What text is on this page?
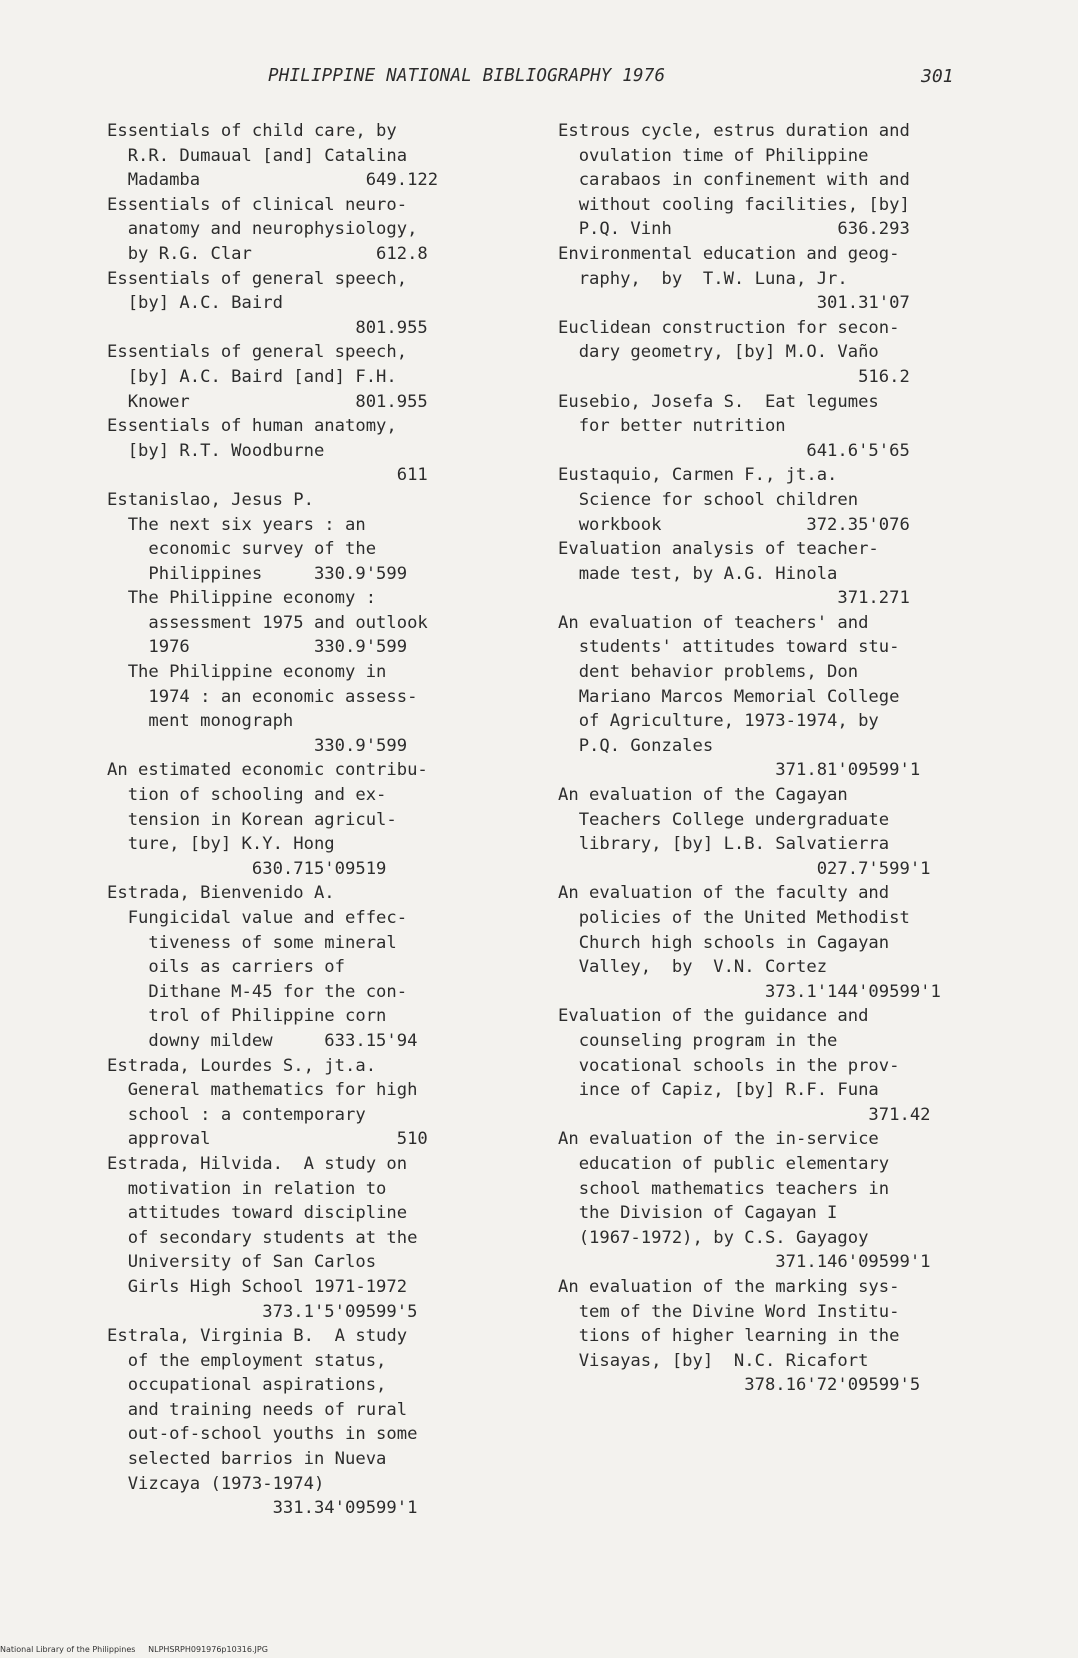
PHILIPPINE NATIONAL BIBLIOGRAPHY 1976	301
Essentials of child care, by
R.R. Dumaual [and] Catalina
Madamba                649.122
Essentials of clinical neuro-
anatomy and neurophysiology,
by R.G. Clar            612.8
Essentials of general speech,
[by] A.C. Baird
801.955
Essentials of general speech,
[by] A.C. Baird [and] F.H.
Knower                801.955
Essentials of human anatomy,
[by] R.T. Woodburne
611
Estanislao, Jesus P.
The next six years : an
economic survey of the
Philippines     330.9'599
The Philippine economy :
assessment 1975 and outlook
1976            330.9'599
The Philippine economy in
1974 : an economic assess-
ment monograph
330.9'599
An estimated economic contribu-
tion of schooling and ex-
tension in Korean agricul-
ture, [by] K.Y. Hong
630.715'09519
Estrada, Bienvenido A.
Fungicidal value and effec-
tiveness of some mineral
oils as carriers of
Dithane M-45 for the con-
trol of Philippine corn
downy mildew     633.15'94
Estrada, Lourdes S., jt.a.
General mathematics for high
school : a contemporary
approval                  510
Estrada, Hilvida.  A study on
motivation in relation to
attitudes toward discipline
of secondary students at the
University of San Carlos
Girls High School 1971-1972
373.1'5'09599'5
Estrala, Virginia B.  A study
of the employment status,
occupational aspirations,
and training needs of rural
out-of-school youths in some
selected barrios in Nueva
Vizcaya (1973-1974)
331.34'09599'1
Estrous cycle, estrus duration and
ovulation time of Philippine
carabaos in confinement with and
without cooling facilities, [by]
P.Q. Vinh                636.293
Environmental education and geog-
raphy,  by  T.W. Luna, Jr.
301.31'07
Euclidean construction for secon-
dary geometry, [by] M.O. Vaño
516.2
Eusebio, Josefa S.  Eat legumes
for better nutrition
641.6'5'65
Eustaquio, Carmen F., jt.a.
Science for school children
workbook              372.35'076
Evaluation analysis of teacher-
made test, by A.G. Hinola
371.271
An evaluation of teachers' and
students' attitudes toward stu-
dent behavior problems, Don
Mariano Marcos Memorial College
of Agriculture, 1973-1974, by
P.Q. Gonzales
371.81'09599'1
An evaluation of the Cagayan
Teachers College undergraduate
library, [by] L.B. Salvatierra
027.7'599'1
An evaluation of the faculty and
policies of the United Methodist
Church high schools in Cagayan
Valley,  by  V.N. Cortez
373.1'144'09599'1
Evaluation of the guidance and
counseling program in the
vocational schools in the prov-
ince of Capiz, [by] R.F. Funa
371.42
An evaluation of the in-service
education of public elementary
school mathematics teachers in
the Division of Cagayan I
(1967-1972), by C.S. Gayagoy
371.146'09599'1
An evaluation of the marking sys-
tem of the Divine Word Institu-
tions of higher learning in the
Visayas, [by]  N.C. Ricafort
378.16'72'09599'5
National Library of the Philippines     NLPHSRPH091976p10316.JPG
